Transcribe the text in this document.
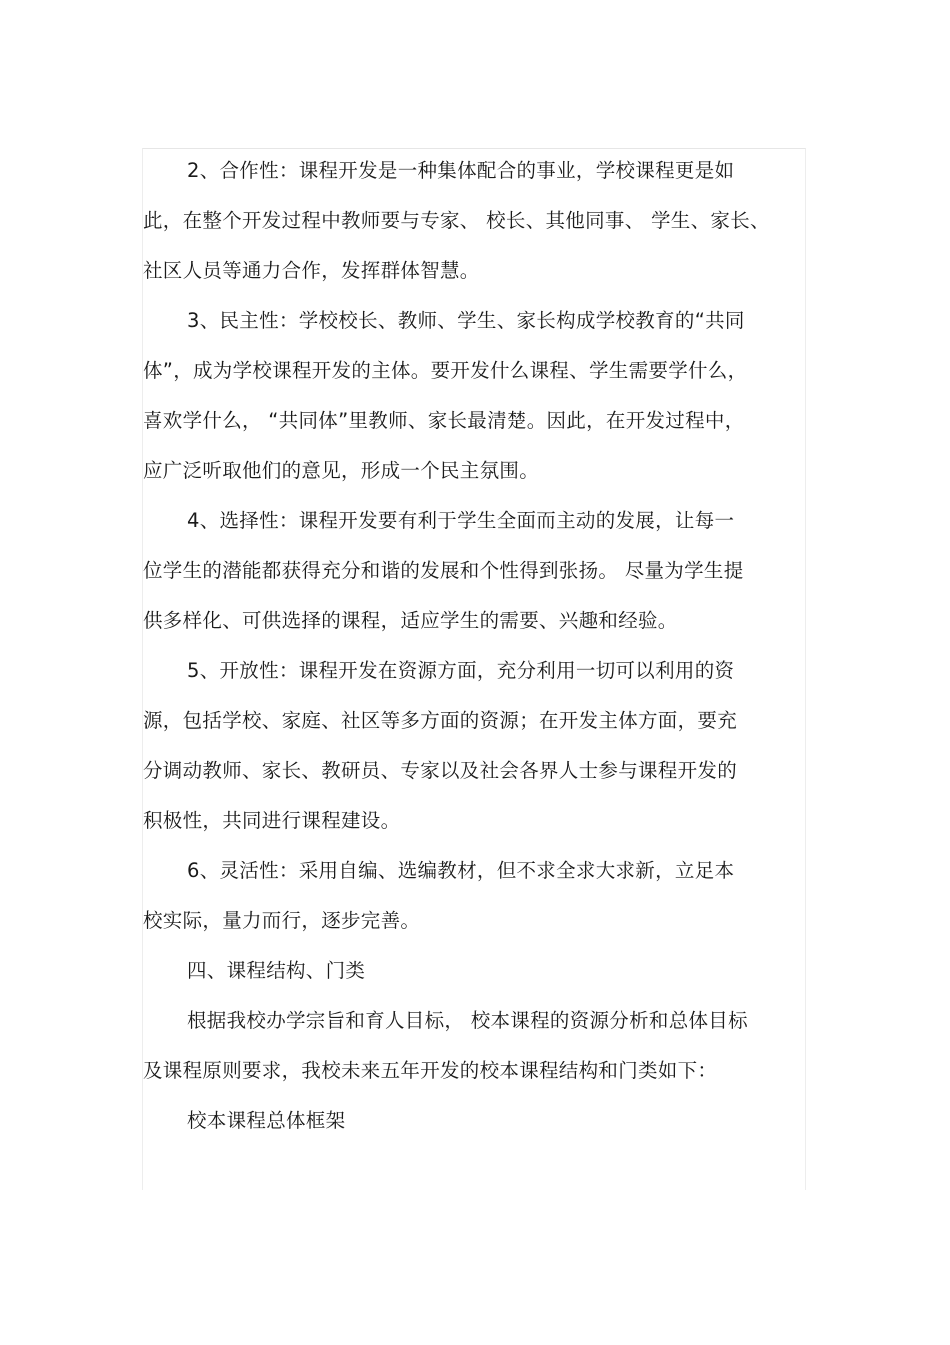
2、合作性：课程开发是一种集体配合的事业，学校课程更是如
此，在整个开发过程中教师要与专家、 校长、其他同事、 学生、家长、
社区人员等通力合作，发挥群体智慧。
3、民主性：学校校长、教师、学生、家长构成学校教育的“共同
体”，成为学校课程开发的主体。要开发什么课程、学生需要学什么，
喜欢学什么， “共同体”里教师、家长最清楚。因此，在开发过程中，
应广泛听取他们的意见，形成一个民主氛围。
4、选择性：课程开发要有利于学生全面而主动的发展，让每一
位学生的潜能都获得充分和谐的发展和个性得到张扬。 尽量为学生提
供多样化、可供选择的课程，适应学生的需要、兴趣和经验。
5、开放性：课程开发在资源方面，充分利用一切可以利用的资
源，包括学校、家庭、社区等多方面的资源；在开发主体方面，要充
分调动教师、家长、教研员、专家以及社会各界人士参与课程开发的
积极性，共同进行课程建设。
6、灵活性：采用自编、选编教材，但不求全求大求新，立足本
校实际，量力而行，逐步完善。
四、课程结构、门类
根据我校办学宗旨和育人目标， 校本课程的资源分析和总体目标
及课程原则要求，我校未来五年开发的校本课程结构和门类如下：
校本课程总体框架
